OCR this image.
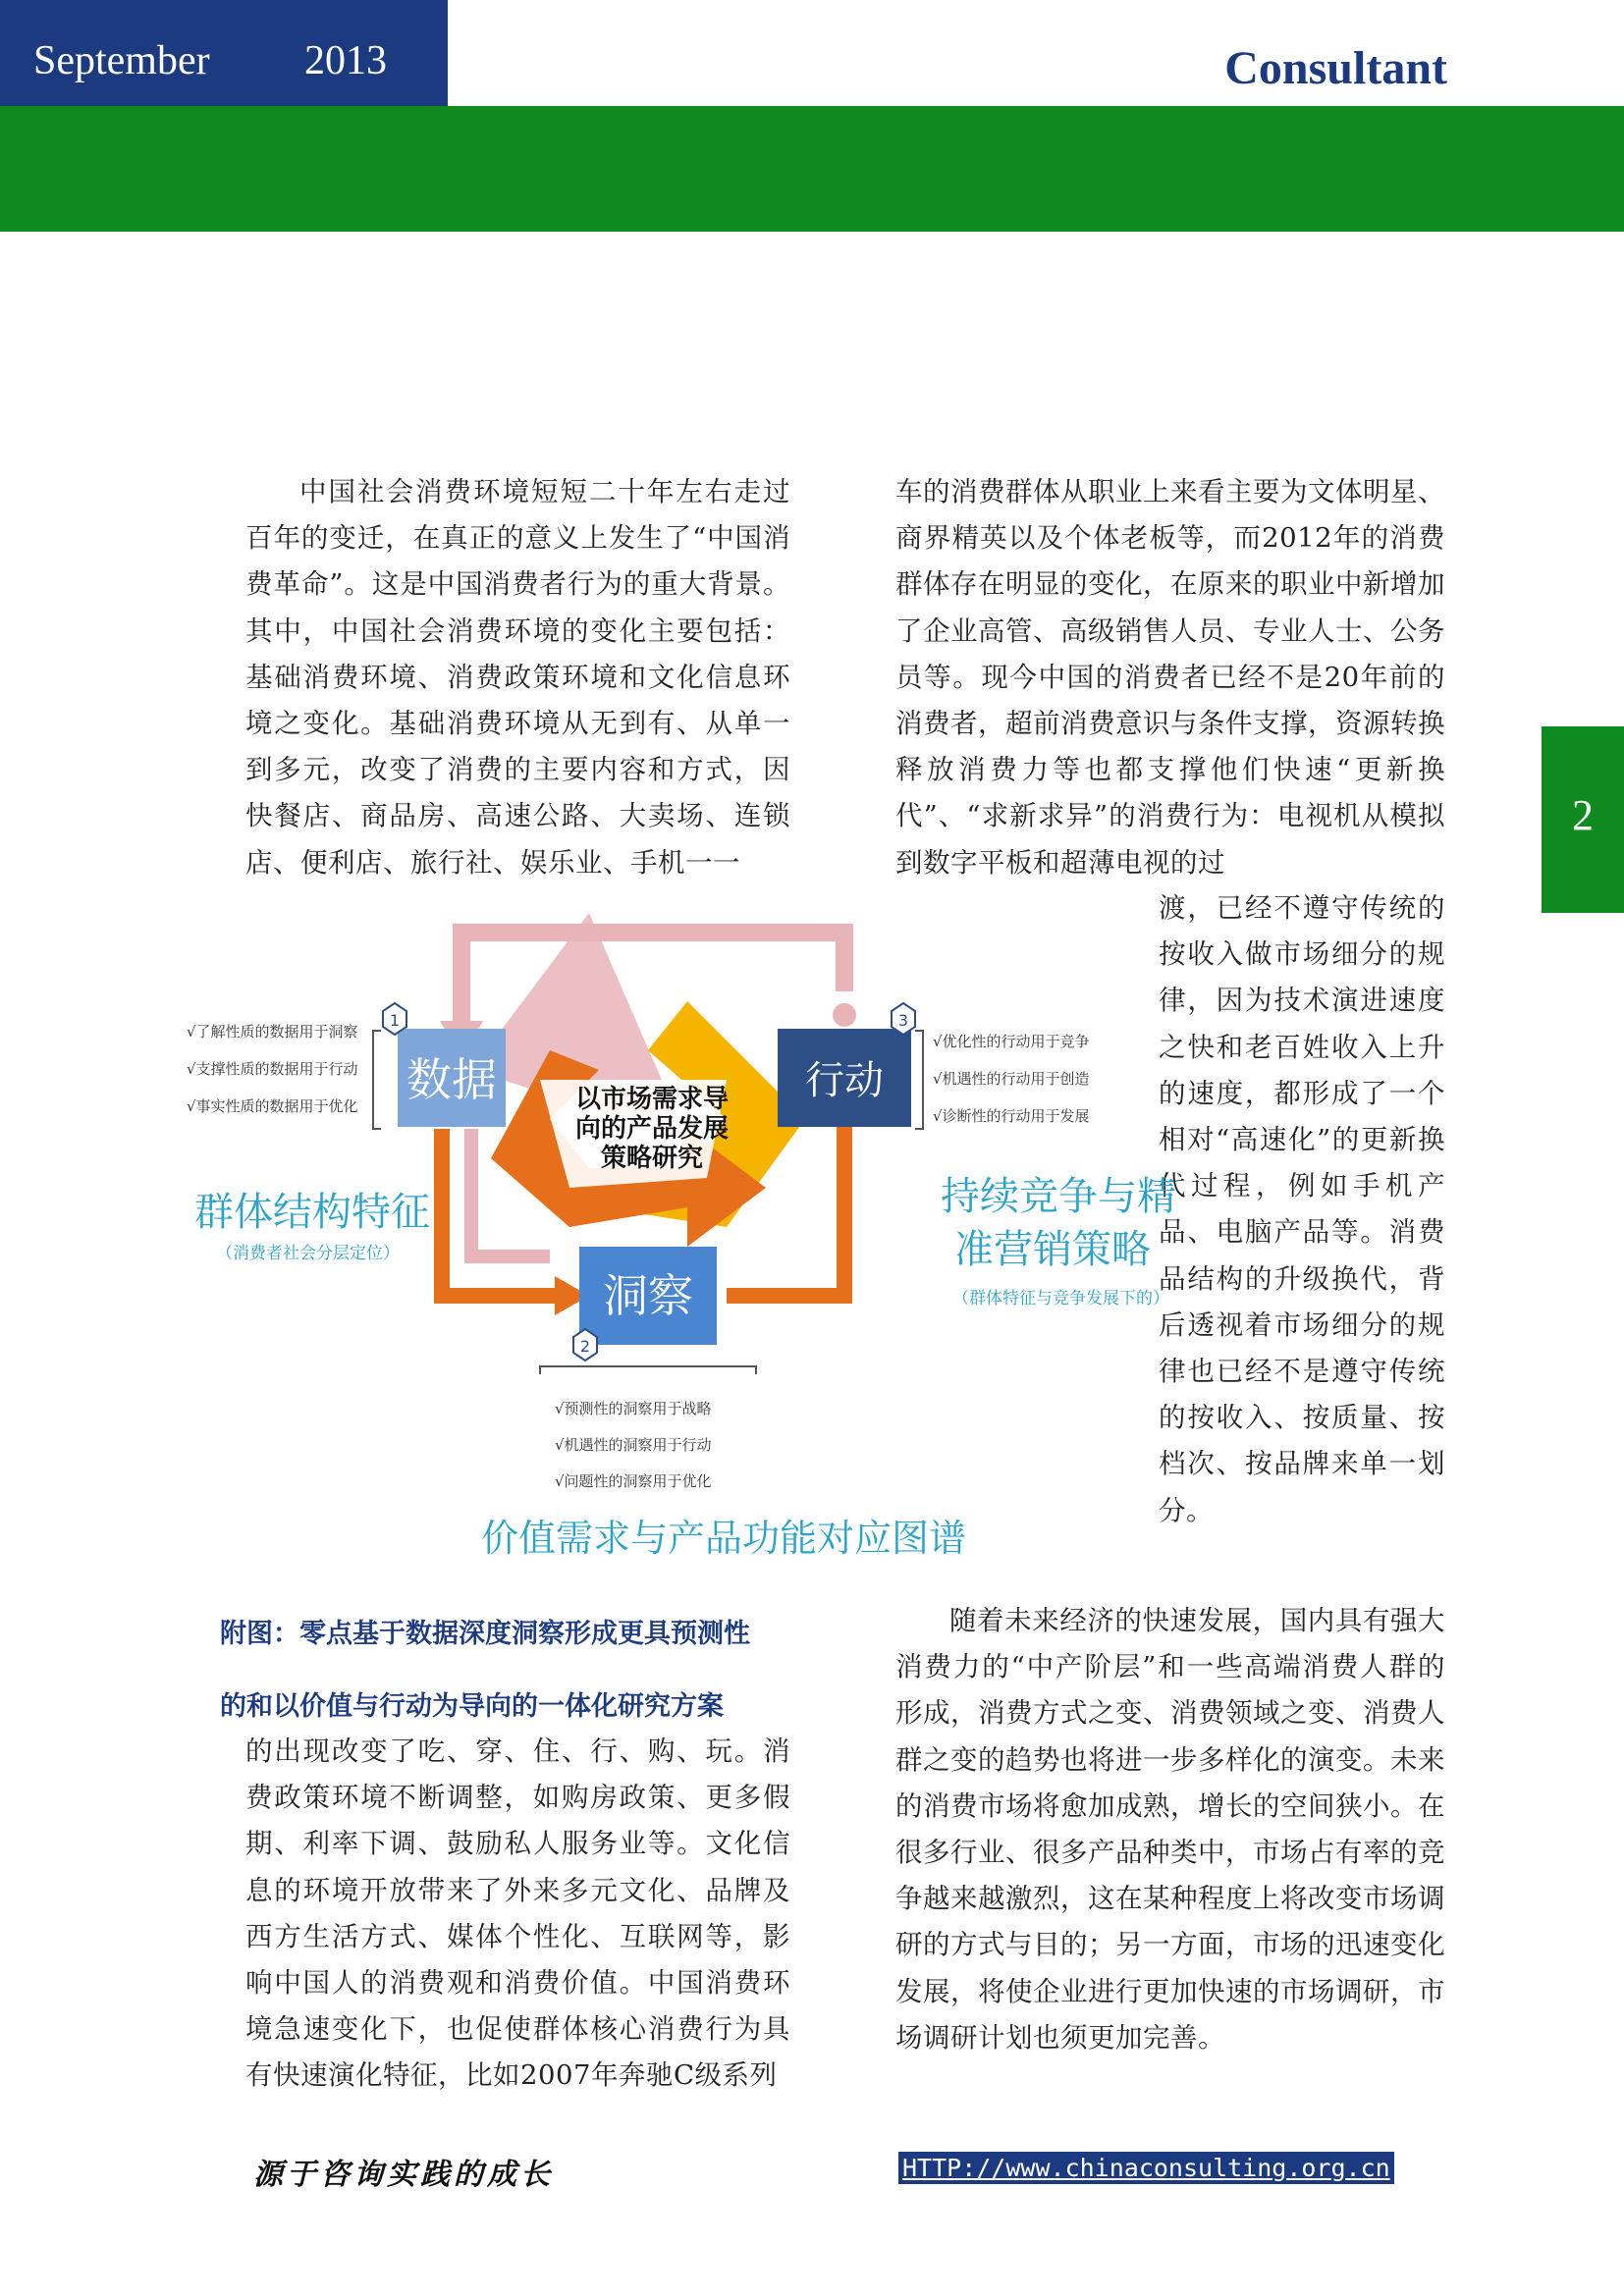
September 2013	Consultant
2

中国社会消费环境短短二十年左右走过百年的变迁，在真正的意义上发生了“中国消费革命”。这是中国消费者行为的重大背景。其中，中国社会消费环境的变化主要包括：基础消费环境、消费政策环境和文化信息环境之变化。基础消费环境从无到有、从单一到多元，改变了消费的主要内容和方式，因快餐店、商品房、高速公路、大卖场、连锁店、便利店、旅行社、娱乐业、手机一一

车的消费群体从职业上来看主要为文体明星、商界精英以及个体老板等，而2012年的消费群体存在明显的变化，在原来的职业中新增加了企业高管、高级销售人员、专业人士、公务员等。现今中国的消费者已经不是20年前的消费者，超前消费意识与条件支撑，资源转换释放消费力等也都支撑他们快速“更新换代”、“求新求异”的消费行为：电视机从模拟到数字平板和超薄电视的过

渡，已经不遵守传统的按收入做市场细分的规律，因为技术演进速度之快和老百姓收入上升的速度，都形成了一个相对“高速化”的更新换代过程，例如手机产品、电脑产品等。消费品结构的升级换代，背后透视着市场细分的规律也已经不是遵守传统的按收入、按质量、按档次、按品牌来单一划分。

数据	行动
洞察
以市场需求导
向的产品发展
策略研究
1
2
3
√了解性质的数据用于洞察
√支撑性质的数据用于行动
√事实性质的数据用于优化
√优化性的行动用于竞争
√机遇性的行动用于创造
√诊断性的行动用于发展
√预测性的洞察用于战略
√机遇性的洞察用于行动
√问题性的洞察用于优化
群体结构特征
（消费者社会分层定位）
持续竞争与精
准营销策略
（群体特征与竞争发展下的）
价值需求与产品功能对应图谱
附图：零点基于数据深度洞察形成更具预测性
的和以价值与行动为导向的一体化研究方案

的出现改变了吃、穿、住、行、购、玩。消费政策环境不断调整，如购房政策、更多假期、利率下调、鼓励私人服务业等。文化信息的环境开放带来了外来多元文化、品牌及西方生活方式、媒体个性化、互联网等，影响中国人的消费观和消费价值。中国消费环境急速变化下，也促使群体核心消费行为具有快速演化特征，比如2007年奔驰C级系列

随着未来经济的快速发展，国内具有强大消费力的“中产阶层”和一些高端消费人群的形成，消费方式之变、消费领域之变、消费人群之变的趋势也将进一步多样化的演变。未来的消费市场将愈加成熟，增长的空间狭小。在很多行业、很多产品种类中，市场占有率的竞争越来越激烈，这在某种程度上将改变市场调研的方式与目的；另一方面，市场的迅速变化发展，将使企业进行更加快速的市场调研，市场调研计划也须更加完善。

源于咨询实践的成长	HTTP://www.chinaconsulting.org.cn
